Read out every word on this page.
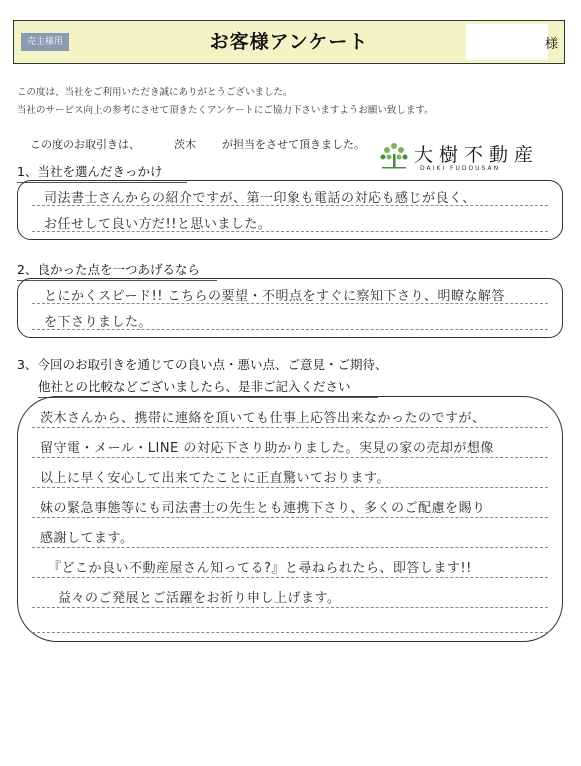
売主様用	お客様アンケート	様
この度は、当社をご利用いただき誠にありがとうございました。
当社のサービス向上の参考にさせて頂きたくアンケートにご協力下さいますようお願い致します。
この度のお取引きは、	茨木 が担当をさせて頂きました。	大樹不動産
DAIKI FUDOUSAN
1、当社を選んだきっかけ
司法書士さんからの紹介ですが、第一印象も電話の対応も感じが良く、
お任せして良い方だ!!と思いました。
2、良かった点を一つあげるなら
とにかくスピード!! こちらの要望・不明点をすぐに察知下さり、明瞭な解答
を下さりました。
3、今回のお取引きを通じての良い点・悪い点、ご意見・ご期待、
他社との比較などございましたら、是非ご記入ください
茨木さんから、携帯に連絡を頂いても仕事上応答出来なかったのですが、
留守電・メール・LINE の対応下さり助かりました。実見の家の売却が想像
以上に早く安心して出来てたことに正直驚いております。
妹の緊急事態等にも司法書士の先生とも連携下さり、多くのご配慮を賜り
感謝してます。
『どこか良い不動産屋さん知ってる?』と尋ねられたら、即答します!!
益々のご発展とご活躍をお祈り申し上げます。
